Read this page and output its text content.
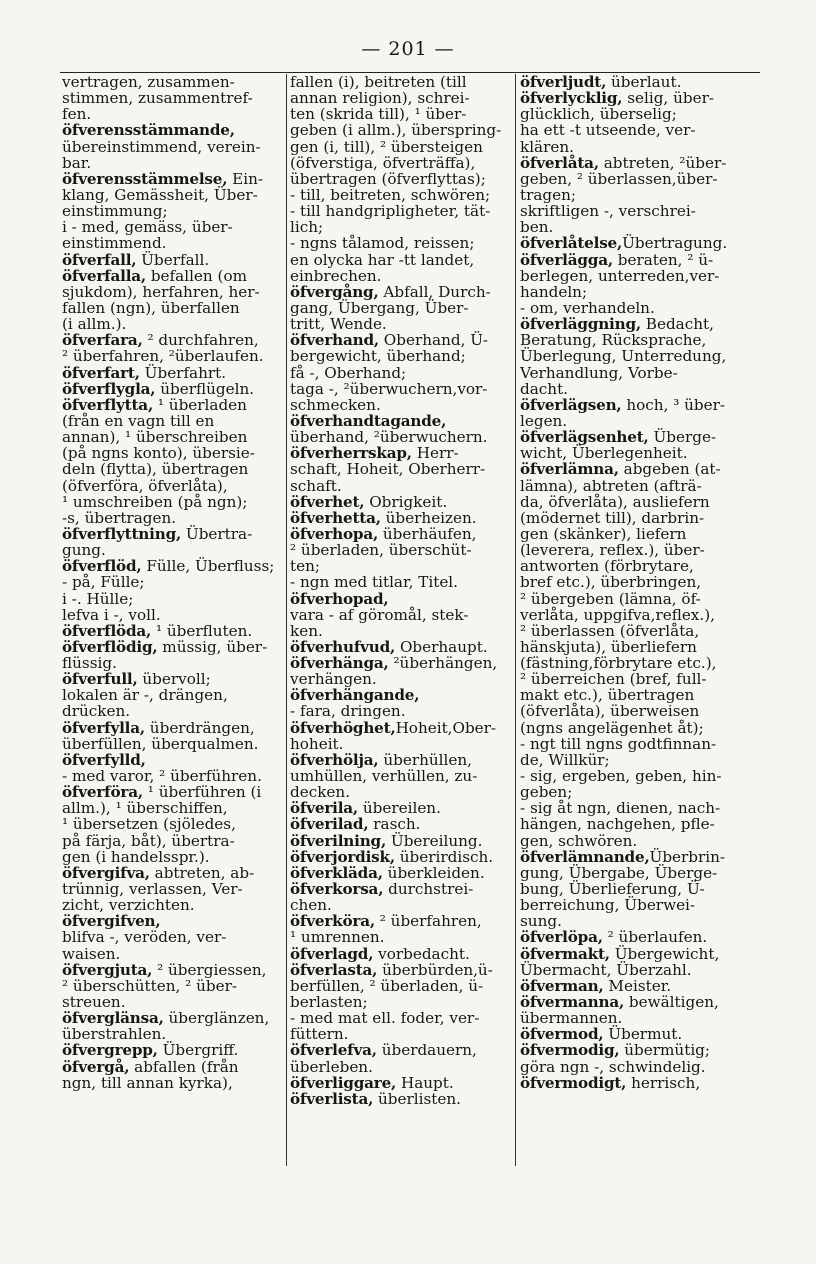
— 201 —
vertragen, zusammen-
stimmen, zusammentref-
fen.
öfverensstämmande,
übereinstimmend, verein-
bar.
öfverensstämmelse, Ein-
klang, Gemässheit, Über-
einstimmung;
i - med, gemäss, über-
einstimmend.
öfverfall, Überfall.
öfverfalla, befallen (om
sjukdom), herfahren, her-
fallen (ngn), überfallen
(i allm.).
öfverfara, ² durchfahren,
² überfahren, ²überlaufen.
öfverfart, Überfahrt.
öfverflygla, überflügeln.
öfverflytta, ¹ überladen
(från en vagn till en
annan), ¹ überschreiben
(på ngns konto), übersie-
deln (flytta), übertragen
(öfverföra, öfverlåta),
¹ umschreiben (på ngn);
-s, übertragen.
öfverflyttning, Übertra-
gung.
öfverflöd, Fülle, Überfluss;
- på, Fülle;
i -. Hülle;
lefva i -, voll.
öfverflöda, ¹ überfluten.
öfverflödig, müssig, über-
flüssig.
öfverfull, übervoll;
lokalen är -, drängen,
drücken.
öfverfylla, überdrängen,
überfüllen, überqualmen.
öfverfylld,
- med varor, ² überführen.
öfverföra, ¹ überführen (i
allm.), ¹ überschiffen,
¹ übersetzen (sjöledes,
på färja, båt), übertra-
gen (i handelsspr.).
öfvergifva, abtreten, ab-
trünnig, verlassen, Ver-
zicht, verzichten.
öfvergifven,
blifva -, veröden, ver-
waisen.
öfvergjuta, ² übergiessen,
² überschütten, ² über-
streuen.
öfverglänsa, überglänzen,
überstrahlen.
öfvergrepp, Übergriff.
öfvergå, abfallen (från
ngn, till annan kyrka),
fallen (i), beitreten (till
annan religion), schrei-
ten (skrida till), ¹ über-
geben (i allm.), überspring-
gen (i, till), ² übersteigen
(öfverstiga, öfverträffa),
übertragen (öfverflyttas);
- till, beitreten, schwören;
- till handgripligheter, tät-
lich;
- ngns tålamod, reissen;
en olycka har -tt landet,
einbrechen.
öfvergång, Abfall, Durch-
gang, Übergang, Über-
tritt, Wende.
öfverhand, Oberhand, Ü-
bergewicht, überhand;
få -, Oberhand;
taga -, ²überwuchern,vor-
schmecken.
öfverhandtagande,
überhand, ²überwuchern.
öfverherrskap, Herr-
schaft, Hoheit, Oberherr-
schaft.
öfverhet, Obrigkeit.
öfverhetta, überheizen.
öfverhopa, überhäufen,
² überladen, überschüt-
ten;
- ngn med titlar, Titel.
öfverhopad,
vara - af göromål, stek-
ken.
öfverhufvud, Oberhaupt.
öfverhänga, ²überhängen,
verhängen.
öfverhängande,
- fara, dringen.
öfverhöghet,Hoheit,Ober-
hoheit.
öfverhölja, überhüllen,
umhüllen, verhüllen, zu-
decken.
öfverila, übereilen.
öfverilad, rasch.
öfverilning, Übereilung.
öfverjordisk, überirdisch.
öfverkläda, überkleiden.
öfverkorsa, durchstrei-
chen.
öfverköra, ² überfahren,
¹ umrennen.
öfverlagd, vorbedacht.
öfverlasta, überbürden,ü-
berfüllen, ² überladen, ü-
berlasten;
- med mat ell. foder, ver-
füttern.
öfverlefva, überdauern,
überleben.
öfverliggare, Haupt.
öfverlista, überlisten.
öfverljudt, überlaut.
öfverlycklig, selig, über-
glücklich, überselig;
ha ett -t utseende, ver-
klären.
öfverlåta, abtreten, ²über-
geben, ² überlassen,über-
tragen;
skriftligen -, verschrei-
ben.
öfverlåtelse,Übertragung.
öfverlägga, beraten, ² ü-
berlegen, unterreden,ver-
handeln;
- om, verhandeln.
öfverläggning, Bedacht,
Beratung, Rücksprache,
Überlegung, Unterredung,
Verhandlung, Vorbe-
dacht.
öfverlägsen, hoch, ³ über-
legen.
öfverlägsenhet, Überge-
wicht, Überlegenheit.
öfverlämna, abgeben (at-
lämna), abtreten (afträ-
da, öfverlåta), ausliefern
(mödernet till), darbrin-
gen (skänker), liefern
(leverera, reflex.), über-
antworten (förbrytare,
bref etc.), überbringen,
² übergeben (lämna, öf-
verlåta, uppgifva,reflex.),
² überlassen (öfverlåta,
hänskjuta), überliefern
(fästning,förbrytare etc.),
² überreichen (bref, full-
makt etc.), übertragen
(öfverlåta), überweisen
(ngns angelägenhet åt);
- ngt till ngns godtfinnan-
de, Willkür;
- sig, ergeben, geben, hin-
geben;
- sig åt ngn, dienen, nach-
hängen, nachgehen, pfle-
gen, schwören.
öfverlämnande,Überbrin-
gung, Übergabe, Überge-
bung, Überlieferung, Ü-
berreichung, Überwei-
sung.
öfverlöpa, ² überlaufen.
öfvermakt, Übergewicht,
Übermacht, Überzahl.
öfverman, Meister.
öfvermanna, bewältigen,
übermannen.
öfvermod, Übermut.
öfvermodig, übermütig;
göra ngn -, schwindelig.
öfvermodigt, herrisch,
